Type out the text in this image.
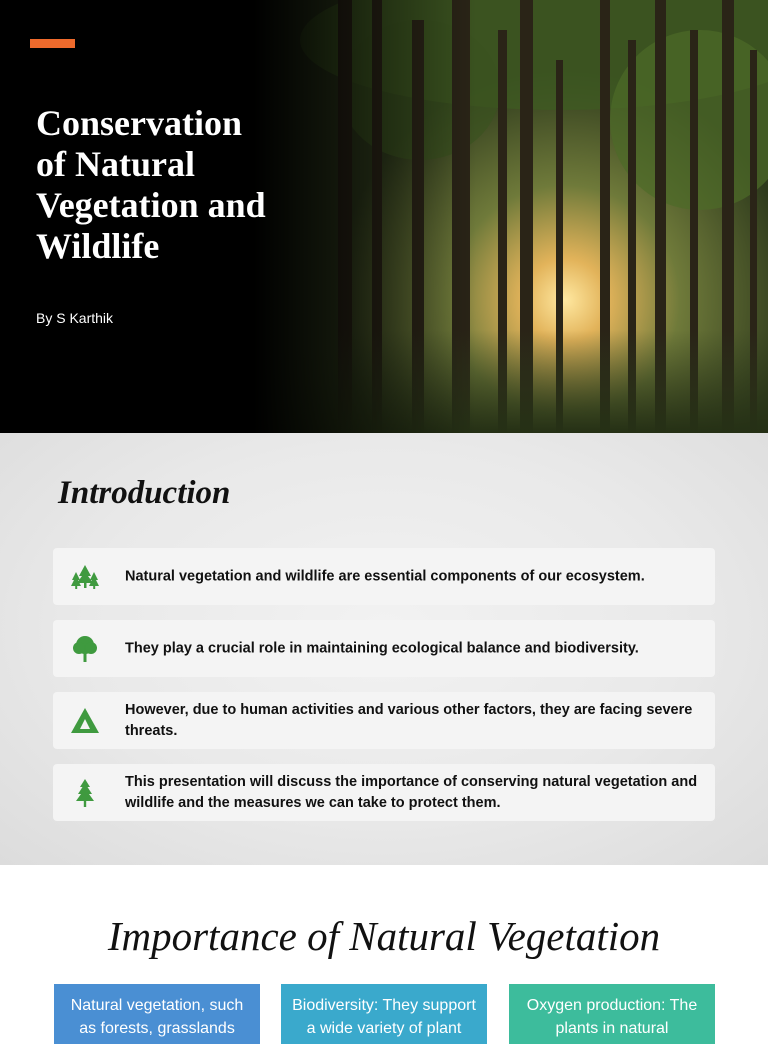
Conservation of Natural Vegetation and Wildlife
By S Karthik
Introduction
Natural vegetation and wildlife are essential components of our ecosystem.
They play a crucial role in maintaining ecological balance and biodiversity.
However, due to human activities and various other factors, they are facing severe threats.
This presentation will discuss the importance of conserving natural vegetation and wildlife and the measures we can take to protect them.
Importance of Natural Vegetation
Natural vegetation, such as forests, grasslands
Biodiversity: They support a wide variety of plant
Oxygen production: The plants in natural
